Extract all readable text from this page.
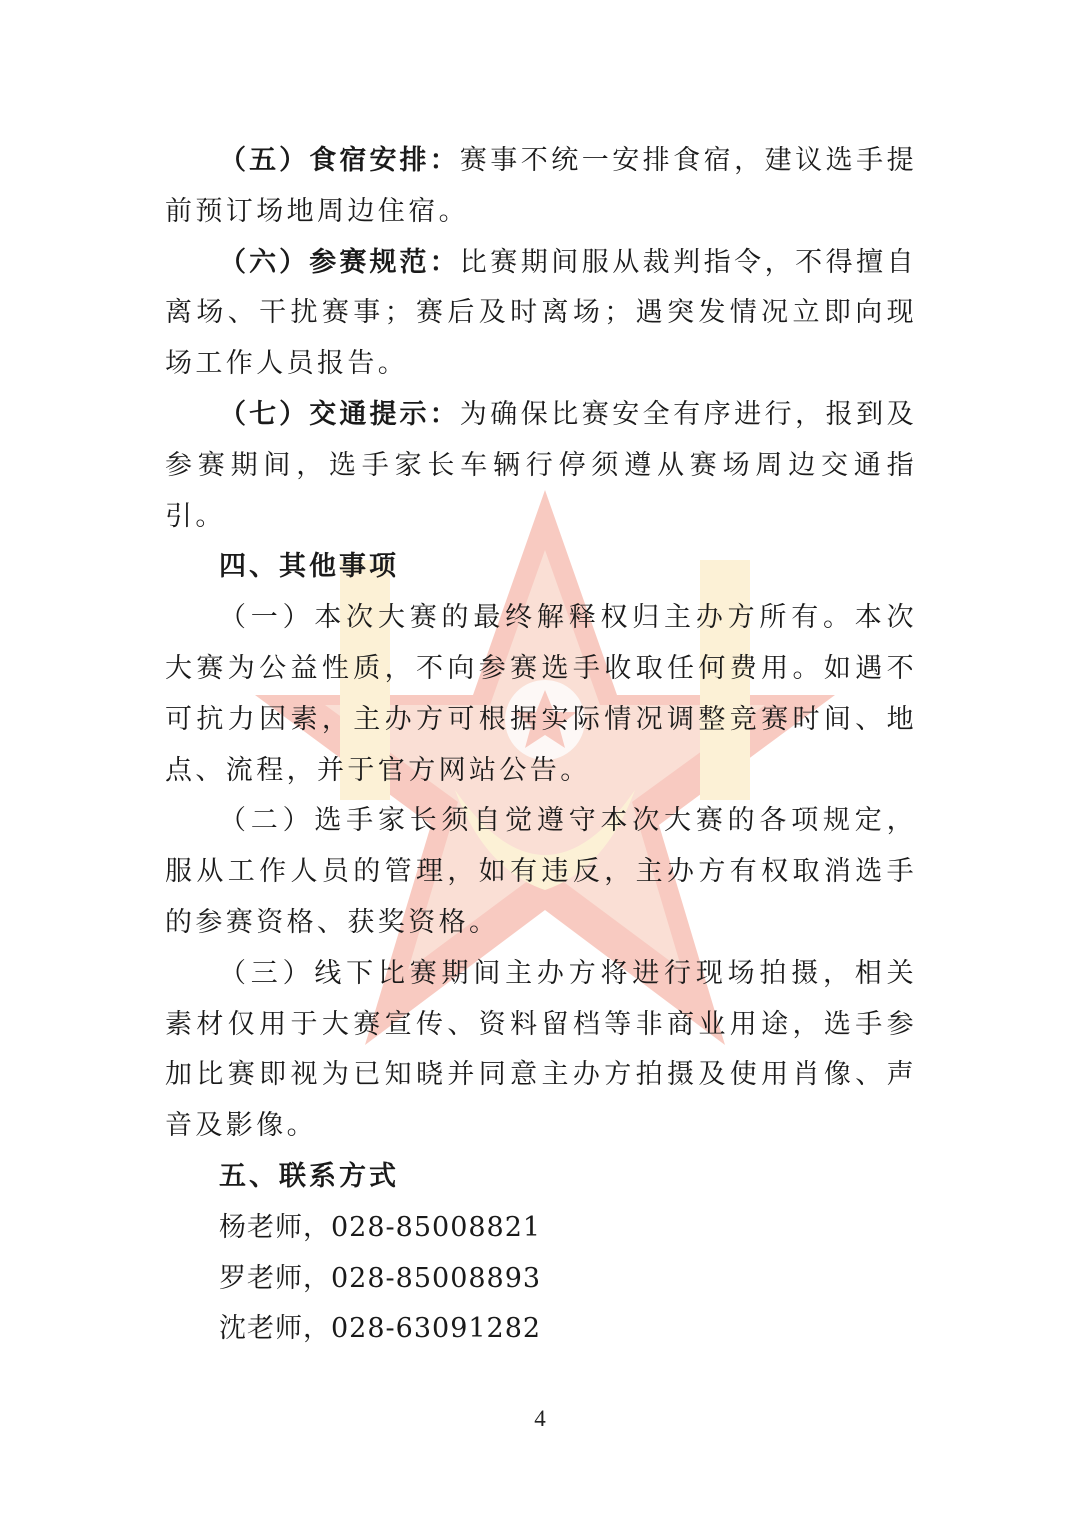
（五）食宿安排：赛事不统一安排食宿，建议选手提前预订场地周边住宿。

（六）参赛规范：比赛期间服从裁判指令，不得擅自离场、干扰赛事；赛后及时离场；遇突发情况立即向现场工作人员报告。

（七）交通提示：为确保比赛安全有序进行，报到及参赛期间，选手家长车辆行停须遵从赛场周边交通指引。

四、其他事项

（一）本次大赛的最终解释权归主办方所有。本次大赛为公益性质，不向参赛选手收取任何费用。如遇不可抗力因素，主办方可根据实际情况调整竞赛时间、地点、流程，并于官方网站公告。

（二）选手家长须自觉遵守本次大赛的各项规定，服从工作人员的管理，如有违反，主办方有权取消选手的参赛资格、获奖资格。

（三）线下比赛期间主办方将进行现场拍摄，相关素材仅用于大赛宣传、资料留档等非商业用途，选手参加比赛即视为已知晓并同意主办方拍摄及使用肖像、声音及影像。

五、联系方式

杨老师，028-85008821

罗老师，028-85008893

沈老师，028-63091282

4
